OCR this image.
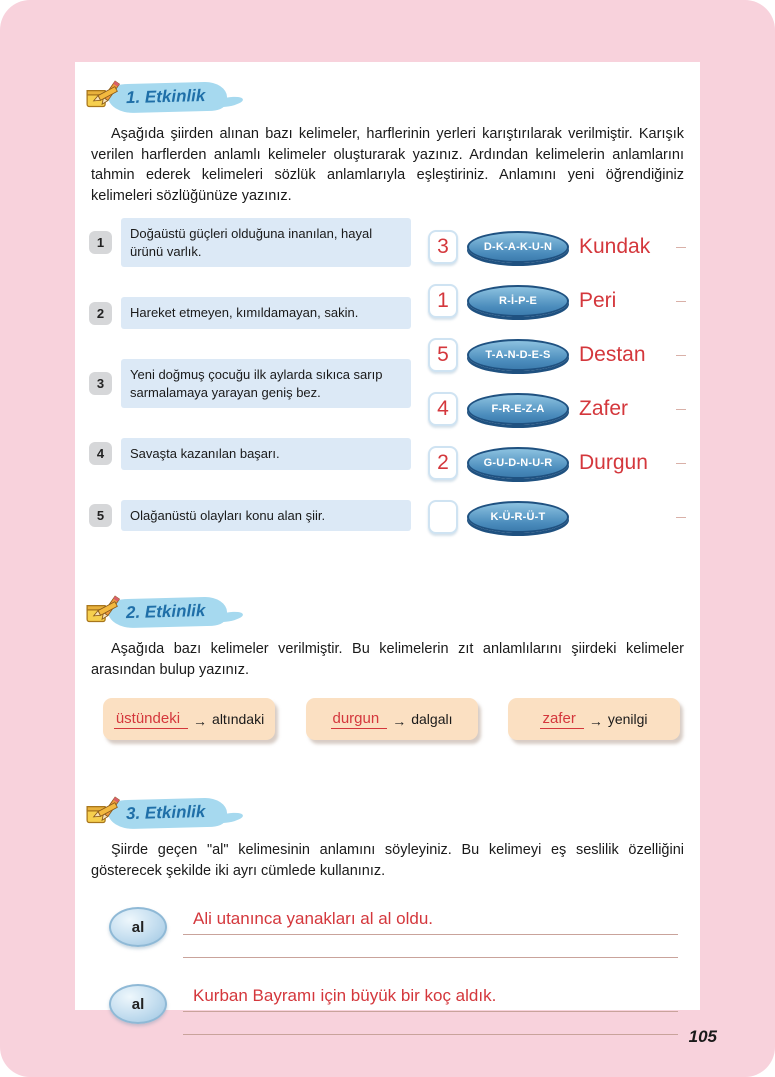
1. Etkinlik

Aşağıda şiirden alınan bazı kelimeler, harflerinin yerleri karıştırılarak verilmiştir. Karışık verilen harflerden anlamlı kelimeler oluşturarak yazınız. Ardından kelimelerin anlamlarını tahmin ederek kelimeleri sözlük anlamlarıyla eşleştiriniz. Anlamını yeni öğrendiğiniz kelimeleri sözlüğünüze yazınız.

1
Doğaüstü güçleri olduğuna inanılan, hayal ürünü varlık.
2	Hareket etmeyen, kımıldamayan, sakin.
3
Yeni doğmuş çocuğu ilk aylarda sıkıca sarıp sarmalamaya yarayan geniş bez.
4	Savaşta kazanılan başarı.
5	Olağanüstü olayları konu alan şiir.
3	D-K-A-K-U-N	Kundak
1	R-İ-P-E	Peri
5	T-A-N-D-E-S	Destan
4	F-R-E-Z-A	Zafer
2	G-U-D-N-U-R	Durgun
K-Ü-R-Ü-T
2. Etkinlik

Aşağıda bazı kelimeler verilmiştir. Bu kelimelerin zıt anlamlılarını şiirdeki kelimeler arasından bulup yazınız.

üstündeki → altındaki	durgun → dalgalı	zafer → yenilgi
3. Etkinlik

Şiirde geçen "al" kelimesinin anlamını söyleyiniz. Bu kelimeyi eş seslilik özelliğini gösterecek şekilde iki ayrı cümlede kullanınız.

al	Ali utanınca yanakları al al oldu.
al	Kurban Bayramı için büyük bir koç aldık.
105
